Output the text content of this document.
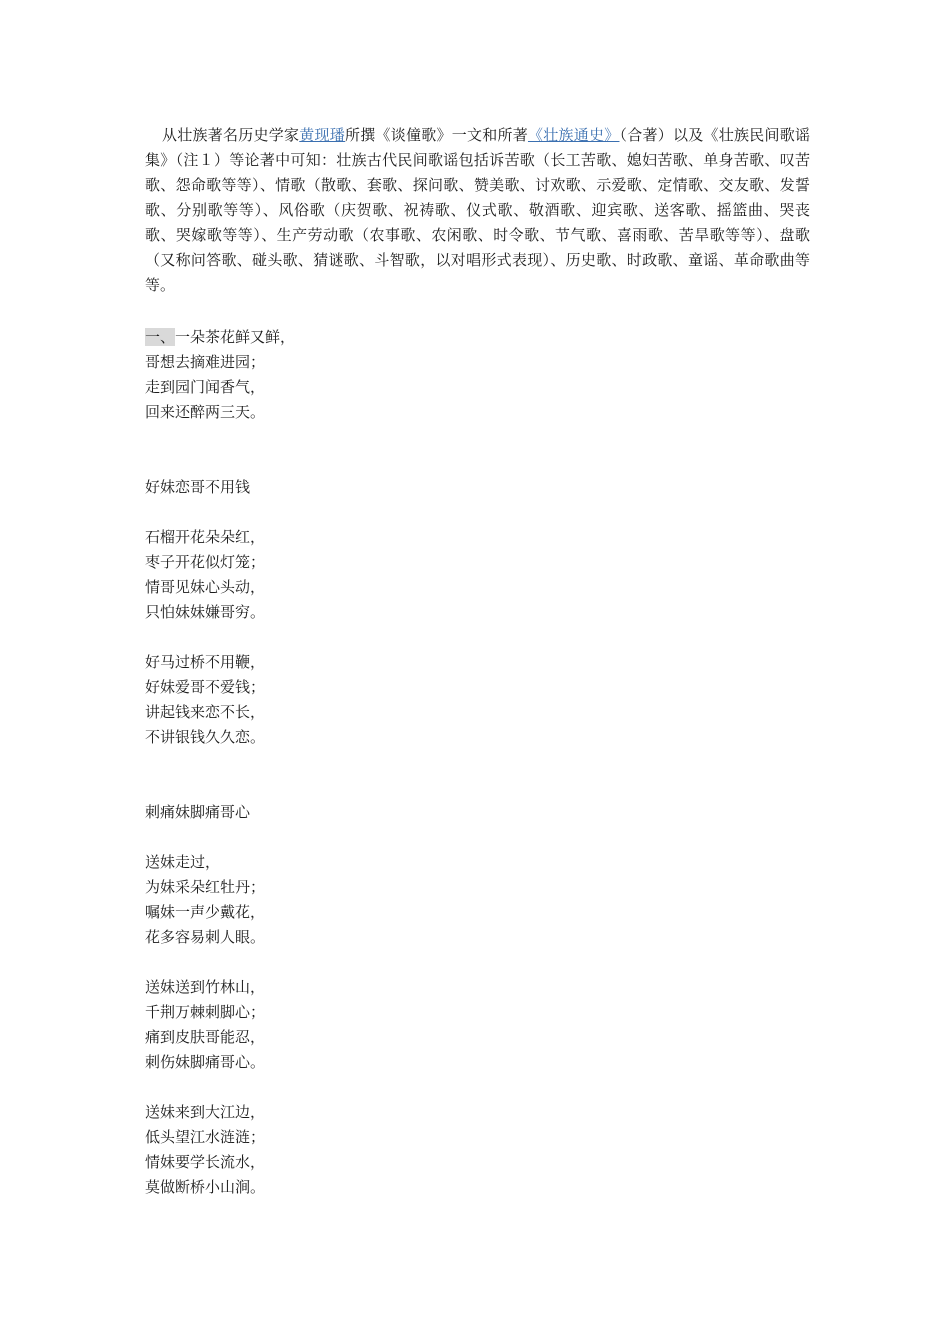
从壮族著名历史学家黄现璠所撰《谈僮歌》一文和所著《壮族通史》（合著）以及《壮族民间歌谣集》（注１）等论著中可知：壮族古代民间歌谣包括诉苦歌（长工苦歌、媳妇苦歌、单身苦歌、叹苦歌、怨命歌等等）、情歌（散歌、套歌、探问歌、赞美歌、讨欢歌、示爱歌、定情歌、交友歌、发誓歌、分别歌等等）、风俗歌（庆贺歌、祝祷歌、仪式歌、敬酒歌、迎宾歌、送客歌、摇篮曲、哭丧歌、哭嫁歌等等）、生产劳动歌（农事歌、农闲歌、时令歌、节气歌、喜雨歌、苦旱歌等等）、盘歌（又称问答歌、碰头歌、猜谜歌、斗智歌，以对唱形式表现）、历史歌、时政歌、童谣、革命歌曲等等。

一、一朵茶花鲜又鲜，
哥想去摘难进园；
走到园门闻香气，
回来还醉两三天。
好妹恋哥不用钱
石榴开花朵朵红，
枣子开花似灯笼；
情哥见妹心头动，
只怕妹妹嫌哥穷。
好马过桥不用鞭，
好妹爱哥不爱钱；
讲起钱来恋不长，
不讲银钱久久恋。
刺痛妹脚痛哥心
送妹走过，
为妹采朵红牡丹；
嘱妹一声少戴花，
花多容易刺人眼。
送妹送到竹林山，
千荆万棘刺脚心；
痛到皮肤哥能忍，
刺伤妹脚痛哥心。
送妹来到大江边，
低头望江水涟涟；
情妹要学长流水，
莫做断桥小山涧。
